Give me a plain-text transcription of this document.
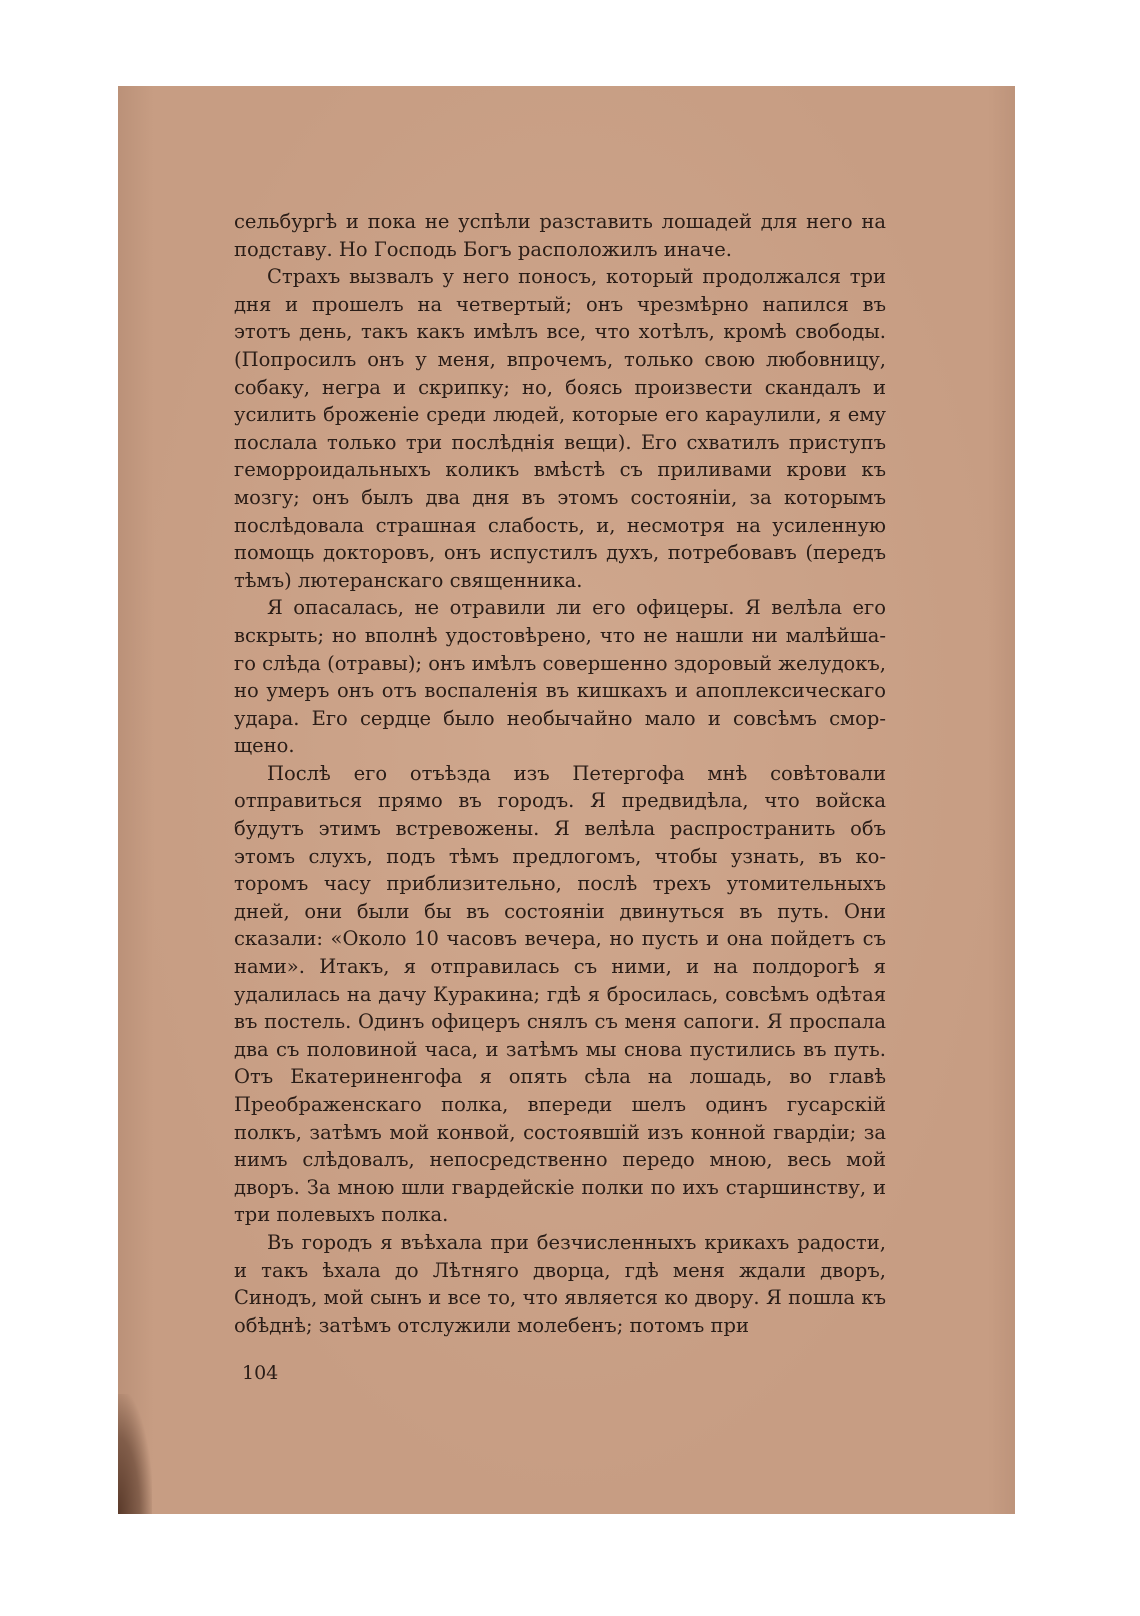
сельбургѣ и пока не успѣли разставить лошадей для него на подставу. Но Господь Богъ расположилъ иначе.

Страхъ вызвалъ у него поносъ, который продолжался три дня и прошелъ на четвертый; онъ чрезмѣрно напился въ этотъ день, такъ какъ имѣлъ все, что хотѣлъ, кромѣ свободы. (Попросилъ онъ у меня, впрочемъ, только свою любовницу, собаку, негра и скрипку; но, боясь произвести скандалъ и усилить броженіе среди людей, которые его караулили, я ему послала только три послѣднія вещи). Его схватилъ приступъ геморроидальныхъ коликъ вмѣстѣ съ приливами крови къ мозгу; онъ былъ два дня въ этомъ состояніи, за которымъ послѣдовала страшная слабость, и, несмотря на усиленную помощь докторовъ, онъ испустилъ духъ, потребовавъ (передъ тѣмъ) лютеранскаго священника.

Я опасалась, не отравили ли его офицеры. Я велѣла его вскрыть; но вполнѣ удостовѣрено, что не нашли ни малѣйшаго слѣда (отравы); онъ имѣлъ совершенно здоровый желудокъ, но умеръ онъ отъ воспаленія въ кишкахъ и апоплексическаго удара. Его сердце было необычайно мало и совсѣмъ сморщено.

Послѣ его отъѣзда изъ Петергофа мнѣ совѣтовали отправиться прямо въ городъ. Я предвидѣла, что войска будутъ этимъ встревожены. Я велѣла распространить объ этомъ слухъ, подъ тѣмъ предлогомъ, чтобы узнать, въ которомъ часу приблизительно, послѣ трехъ утомительныхъ дней, они были бы въ состояніи двинуться въ путь. Они сказали: «Около 10 часовъ вечера, но пусть и она пойдетъ съ нами». Итакъ, я отправилась съ ними, и на полдорогѣ я удалилась на дачу Куракина; гдѣ я бросилась, совсѣмъ одѣтая въ постель. Одинъ офицеръ снялъ съ меня сапоги. Я проспала два съ половиной часа, и затѣмъ мы снова пустились въ путь. Отъ Екатериненгофа я опять сѣла на лошадь, во главѣ Преображенскаго полка, впереди шелъ одинъ гусарскій полкъ, затѣмъ мой конвой, состоявшій изъ конной гвардіи; за нимъ слѣдовалъ, непосредственно передо мною, весь мой дворъ. За мною шли гвардейскіе полки по ихъ старшинству, и три полевыхъ полка.

Въ городъ я въѣхала при безчисленныхъ крикахъ радости, и такъ ѣхала до Лѣтняго дворца, гдѣ меня ждали дворъ, Синодъ, мой сынъ и все то, что является ко двору. Я пошла къ обѣднѣ; затѣмъ отслужили молебенъ; потомъ при

104
